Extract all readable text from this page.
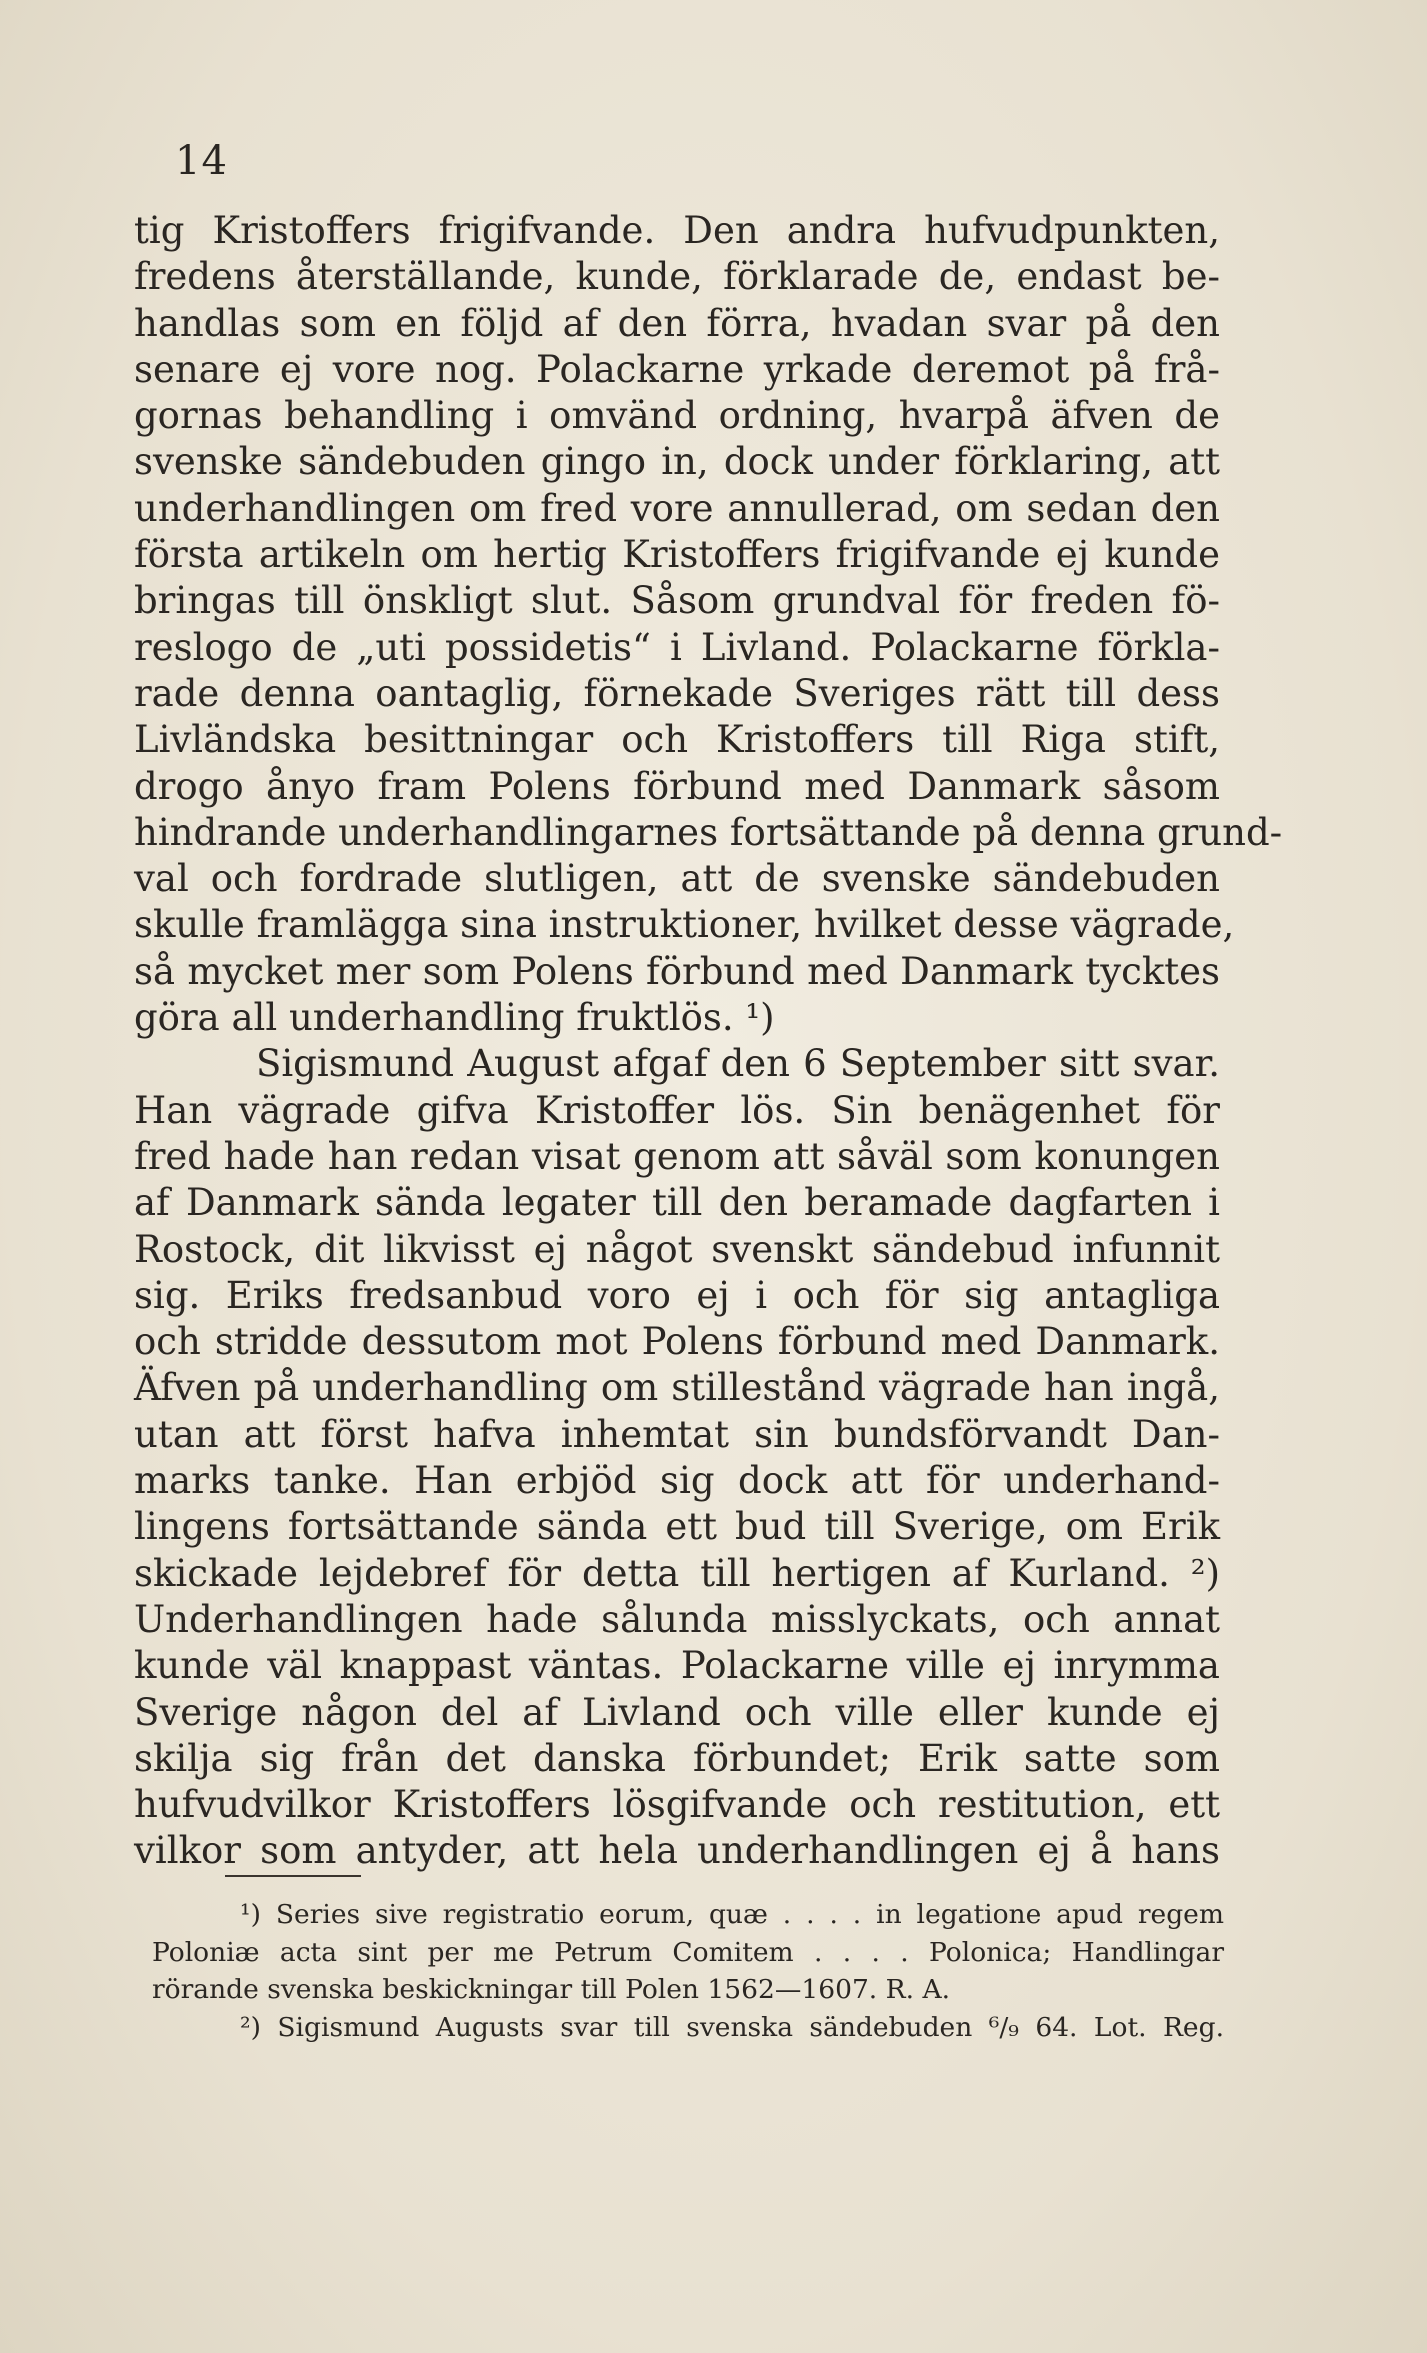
14
tig Kristoffers frigifvande. Den andra hufvudpunkten,
fredens återställande, kunde, förklarade de, endast be-
handlas som en följd af den förra, hvadan svar på den
senare ej vore nog. Polackarne yrkade deremot på frå-
gornas behandling i omvänd ordning, hvarpå äfven de
svenske sändebuden gingo in, dock under förklaring, att
underhandlingen om fred vore annullerad, om sedan den
första artikeln om hertig Kristoffers frigifvande ej kunde
bringas till önskligt slut. Såsom grundval för freden fö-
reslogo de „uti possidetis“ i Livland. Polackarne förkla-
rade denna oantaglig, förnekade Sveriges rätt till dess
Livländska besittningar och Kristoffers till Riga stift,
drogo ånyo fram Polens förbund med Danmark såsom
hindrande underhandlingarnes fortsättande på denna grund-
val och fordrade slutligen, att de svenske sändebuden
skulle framlägga sina instruktioner, hvilket desse vägrade,
så mycket mer som Polens förbund med Danmark tycktes
göra all underhandling fruktlös. ¹)
Sigismund August afgaf den 6 September sitt svar.
Han vägrade gifva Kristoffer lös. Sin benägenhet för
fred hade han redan visat genom att såväl som konungen
af Danmark sända legater till den beramade dagfarten i
Rostock, dit likvisst ej något svenskt sändebud infunnit
sig. Eriks fredsanbud voro ej i och för sig antagliga
och stridde dessutom mot Polens förbund med Danmark.
Äfven på underhandling om stillestånd vägrade han ingå,
utan att först hafva inhemtat sin bundsförvandt Dan-
marks tanke. Han erbjöd sig dock att för underhand-
lingens fortsättande sända ett bud till Sverige, om Erik
skickade lejdebref för detta till hertigen af Kurland. ²)
Underhandlingen hade sålunda misslyckats, och annat
kunde väl knappast väntas. Polackarne ville ej inrymma
Sverige någon del af Livland och ville eller kunde ej
skilja sig från det danska förbundet; Erik satte som
hufvudvilkor Kristoffers lösgifvande och restitution, ett
vilkor som antyder, att hela underhandlingen ej å hans
¹) Series sive registratio eorum, quæ . . . . in legatione apud regem
Poloniæ acta sint per me Petrum Comitem . . . . Polonica; Handlingar
rörande svenska beskickningar till Polen 1562—1607. R. A.
²) Sigismund Augusts svar till svenska sändebuden ⁶/₉ 64. Lot. Reg.
